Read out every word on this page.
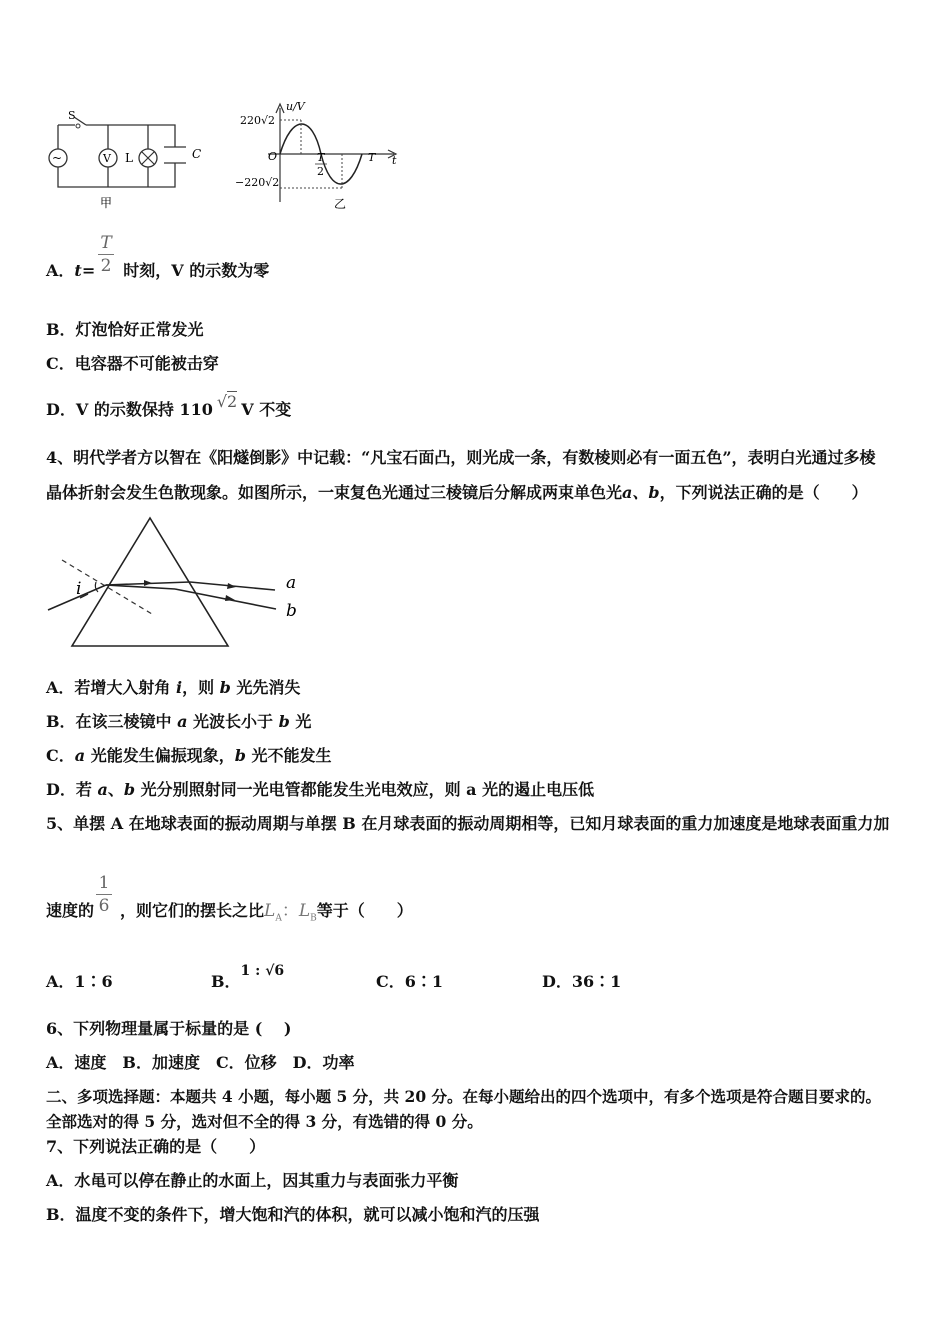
~	V
S
L	C
甲
u/V
220√2
−220√2
O	T
2
T t
乙
T
2
A．t= 时刻，V 的示数为零
B．灯泡恰好正常发光
C．电容器不可能被击穿
D．V 的示数保持 110 √2 V 不变
4、明代学者方以智在《阳燧倒影》中记载：“凡宝石面凸，则光成一条，有数棱则必有一面五色”，表明白光通过多棱
晶体折射会发生色散现象。如图所示，一束复色光通过三棱镜后分解成两束单色光a、b，下列说法正确的是（　　）
i	a
b
A．若增大入射角 i，则 b 光先消失
B．在该三棱镜中 a 光波长小于 b 光
C．a 光能发生偏振现象，b 光不能发生
D．若 a、b 光分别照射同一光电管都能发生光电效应，则 a 光的遏止电压低
5、单摆 A 在地球表面的振动周期与单摆 B 在月球表面的振动周期相等，已知月球表面的重力加速度是地球表面重力加
1
6
速度的 ，则它们的摆长之比$L_A$：$L_B$等于（　　）
A．1∶6	B．1 : √6
C．6∶1	D．36∶1
6、下列物理量属于标量的是 (　 )
A．速度　B．加速度　C．位移　D．功率
二、多项选择题：本题共 4 小题，每小题 5 分，共 20 分。在每小题给出的四个选项中，有多个选项是符合题目要求的。
全部选对的得 5 分，选对但不全的得 3 分，有选错的得 0 分。
7、下列说法正确的是（　　）
A．水黾可以停在静止的水面上，因其重力与表面张力平衡
B．温度不变的条件下，增大饱和汽的体积，就可以减小饱和汽的压强
